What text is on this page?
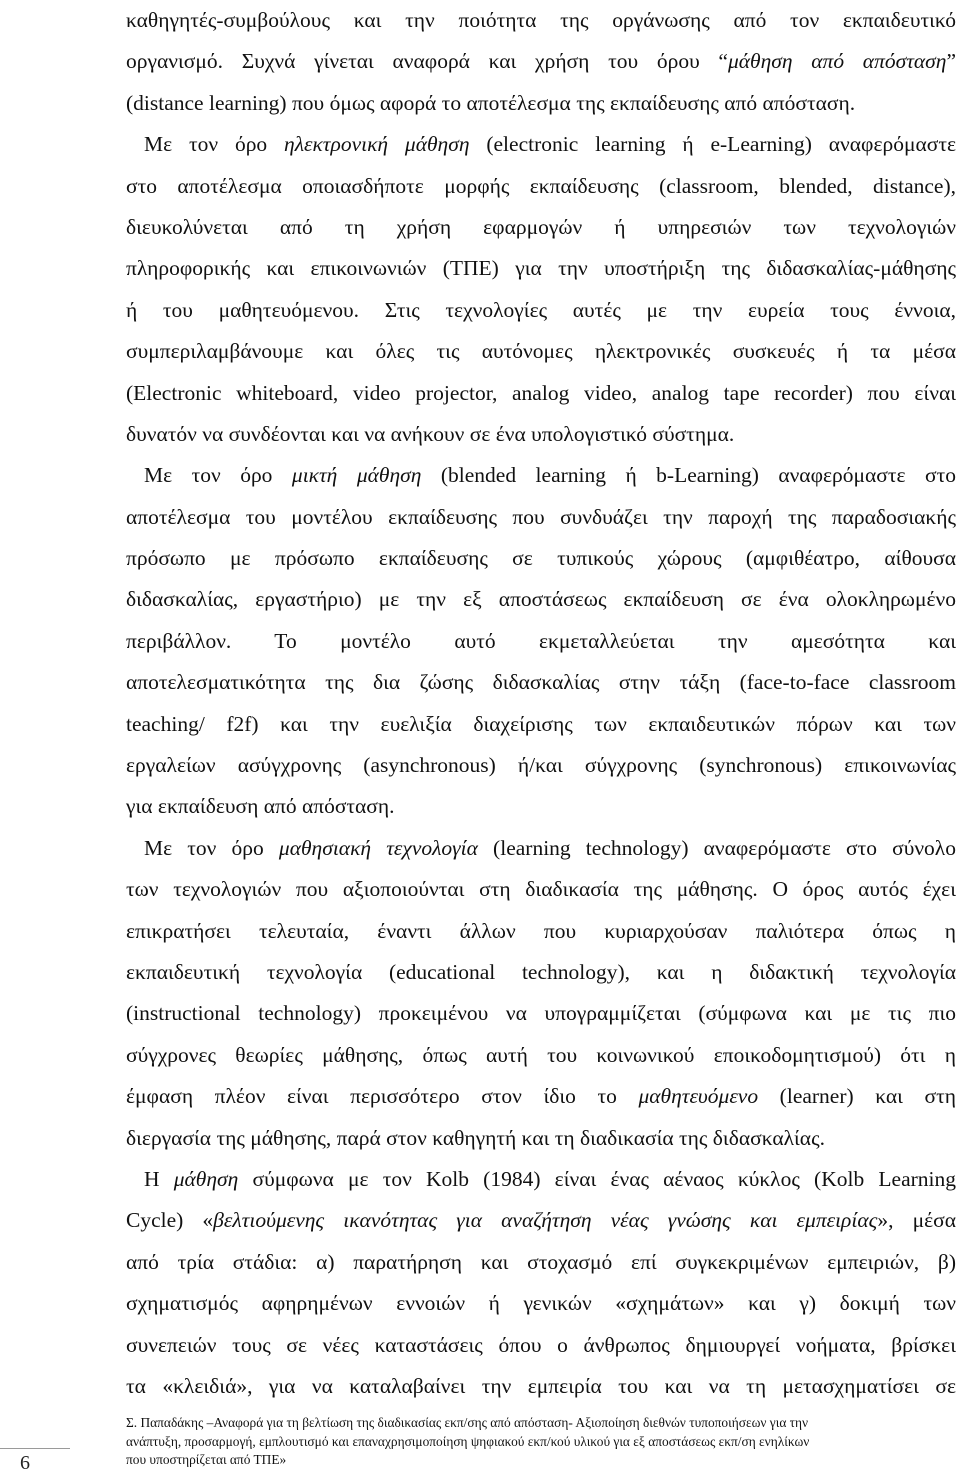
καθηγητές-συμβούλους και την ποιότητα της οργάνωσης από τον εκπαιδευτικό
οργανισμό. Συχνά γίνεται αναφορά και χρήση του όρου “μάθηση από απόσταση”
(distance learning) που όμως αφορά το αποτέλεσμα της εκπαίδευσης από απόσταση.
Με τον όρο ηλεκτρονική μάθηση (electronic learning ή e-Learning) αναφερόμαστε
στο αποτέλεσμα οποιασδήποτε μορφής εκπαίδευσης (classroom, blended, distance),
διευκολύνεται από τη χρήση εφαρμογών ή υπηρεσιών των τεχνολογιών
πληροφορικής και επικοινωνιών (ΤΠΕ) για την υποστήριξη της διδασκαλίας-μάθησης
ή του μαθητευόμενου. Στις τεχνολογίες αυτές με την ευρεία τους έννοια,
συμπεριλαμβάνουμε και όλες τις αυτόνομες ηλεκτρονικές συσκευές ή τα μέσα
(Electronic whiteboard, video projector, analog video, analog tape recorder) που είναι
δυνατόν να συνδέονται και να ανήκουν σε ένα υπολογιστικό σύστημα.
Με τον όρο μικτή μάθηση (blended learning ή b-Learning) αναφερόμαστε στο
αποτέλεσμα του μοντέλου εκπαίδευσης που συνδυάζει την παροχή της παραδοσιακής
πρόσωπο με πρόσωπο εκπαίδευσης σε τυπικούς χώρους (αμφιθέατρο, αίθουσα
διδασκαλίας, εργαστήριο) με την εξ αποστάσεως εκπαίδευση σε ένα ολοκληρωμένο
περιβάλλον. Το μοντέλο αυτό εκμεταλλεύεται την αμεσότητα και
αποτελεσματικότητα της δια ζώσης διδασκαλίας στην τάξη (face-to-face classroom
teaching/ f2f) και την ευελιξία διαχείρισης των εκπαιδευτικών πόρων και των
εργαλείων ασύγχρονης (asynchronous) ή/και σύγχρονης (synchronous) επικοινωνίας
για εκπαίδευση από απόσταση.
Με τον όρο μαθησιακή τεχνολογία (learning technology) αναφερόμαστε στο σύνολο
των τεχνολογιών που αξιοποιούνται στη διαδικασία της μάθησης. Ο όρος αυτός έχει
επικρατήσει τελευταία, έναντι άλλων που κυριαρχούσαν παλιότερα όπως η
εκπαιδευτική τεχνολογία (educational technology), και η διδακτική τεχνολογία
(instructional technology) προκειμένου να υπογραμμίζεται (σύμφωνα και με τις πιο
σύγχρονες θεωρίες μάθησης, όπως αυτή του κοινωνικού εποικοδομητισμού) ότι η
έμφαση πλέον είναι περισσότερο στον ίδιο το μαθητευόμενο (learner) και στη
διεργασία της μάθησης, παρά στον καθηγητή και τη διαδικασία της διδασκαλίας.
Η μάθηση σύμφωνα με τον Kolb (1984) είναι ένας αέναος κύκλος (Kolb Learning
Cycle) «βελτιούμενης ικανότητας για αναζήτηση νέας γνώσης και εμπειρίας», μέσα
από τρία στάδια: α) παρατήρηση και στοχασμό επί συγκεκριμένων εμπειριών, β)
σχηματισμός αφηρημένων εννοιών ή γενικών «σχημάτων» και γ) δοκιμή των
συνεπειών τους σε νέες καταστάσεις όπου ο άνθρωπος δημιουργεί νοήματα, βρίσκει
τα «κλειδιά», για να καταλαβαίνει την εμπειρία του και να τη μετασχηματίσει σε
6
Σ. Παπαδάκης –Αναφορά για τη βελτίωση της διαδικασίας εκπ/σης από απόσταση- Αξιοποίηση διεθνών τυποποιήσεων για την
ανάπτυξη, προσαρμογή, εμπλουτισμό και επαναχρησιμοποίηση ψηφιακού εκπ/κού υλικού για εξ αποστάσεως εκπ/ση ενηλίκων
που υποστηρίζεται από ΤΠΕ»
